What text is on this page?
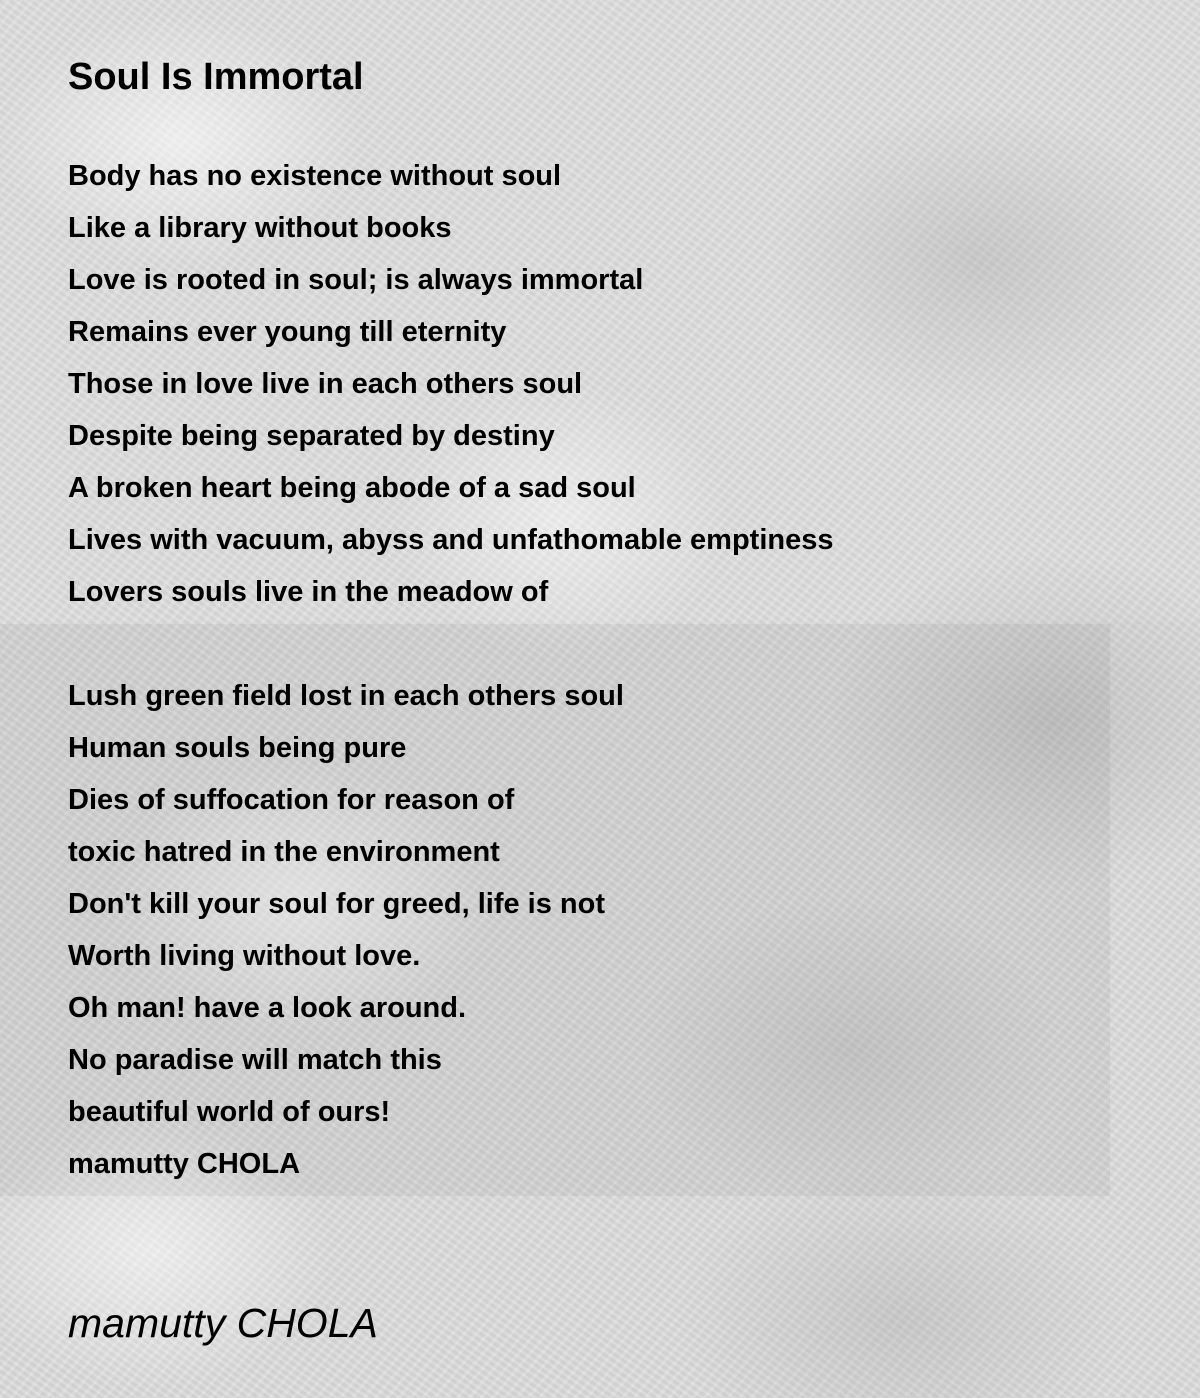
Soul Is Immortal
Body has no existence without soul
Like a library without books
Love is rooted in soul; is always immortal
Remains ever young till eternity
Those in love live in each others soul
Despite being separated by destiny
A broken heart being abode of a sad soul
Lives with vacuum, abyss and unfathomable emptiness
Lovers souls live in the meadow of
Lush green field lost in each others soul
Human souls being pure
Dies of suffocation for reason of
toxic hatred in the environment
Don't kill your soul for greed, life is not
Worth living without love.
Oh man! have a look around.
No paradise will match this
beautiful world of ours!
mamutty CHOLA
mamutty CHOLA
